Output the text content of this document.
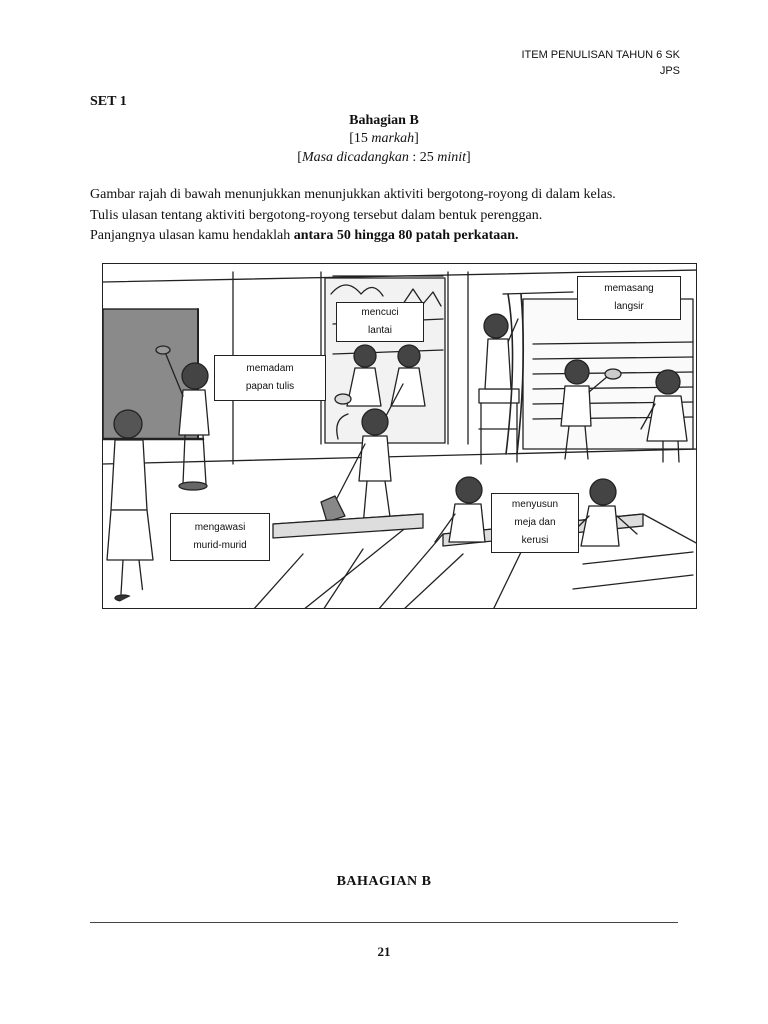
ITEM PENULISAN TAHUN 6 SK
JPS
SET 1
Bahagian B
[15 markah]
[Masa dicadangkan : 25 minit]
Gambar rajah di bawah menunjukkan menunjukkan aktiviti bergotong-royong di dalam kelas.
Tulis ulasan tentang aktiviti bergotong-royong tersebut dalam bentuk perenggan.
Panjangnya ulasan kamu hendaklah antara 50 hingga 80 patah perkataan.
mencuci
lantai
memasang
langsir
memadam
papan tulis
mengawasi
murid-murid
menyusun
meja dan
kerusi
BAHAGIAN B
21
